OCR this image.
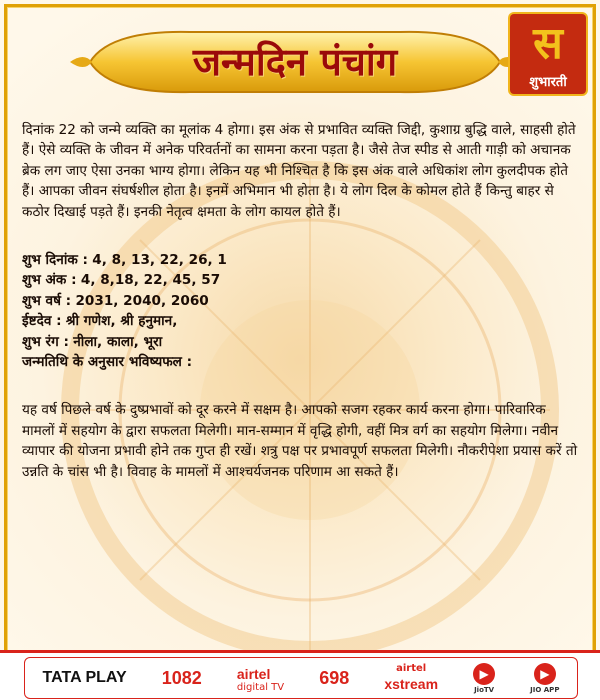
जन्मदिन पंचांग	स
शुभारती

दिनांक 22 को जन्मे व्यक्ति का मूलांक 4 होगा। इस अंक से प्रभावित व्यक्ति जिद्दी, कुशाग्र बुद्धि वाले, साहसी होते हैं। ऐसे व्यक्ति के जीवन में अनेक परिवर्तनों का सामना करना पड़ता है। जैसे तेज स्पीड से आती गाड़ी को अचानक ब्रेक लग जाए ऐसा उनका भाग्य होगा। लेकिन यह भी निश्चित है कि इस अंक वाले अधिकांश लोग कुलदीपक होते हैं। आपका जीवन संघर्षशील होता है। इनमें अभिमान भी होता है। ये लोग दिल के कोमल होते हैं किन्तु बाहर से कठोर दिखाई पड़ते हैं। इनकी नेतृत्व क्षमता के लोग कायल होते हैं।

शुभ दिनांक : 4, 8, 13, 22, 26, 1

शुभ अंक : 4, 8,18, 22, 45, 57

शुभ वर्ष : 2031, 2040, 2060

ईष्टदेव : श्री गणेश, श्री हनुमान,

शुभ रंग : नीला, काला, भूरा

जन्मतिथि के अनुसार भविष्यफल :

यह वर्ष पिछले वर्ष के दुष्प्रभावों को दूर करने में सक्षम है। आपको सजग रहकर कार्य करना होगा। पारिवारिक मामलों में सहयोग के द्वारा सफलता मिलेगी। मान-सम्मान में वृद्धि होगी, वहीं मित्र वर्ग का सहयोग मिलेगा। नवीन व्यापार की योजना प्रभावी होने तक गुप्त ही रखें। शत्रु पक्ष पर प्रभावपूर्ण सफलता मिलेगी। नौकरीपेशा प्रयास करें तो उन्नति के चांस भी है। विवाह के मामलों में आश्चर्यजनक परिणाम आ सकते हैं।

TATA PLAY 1082	airtel
digital TV 698	airtel
xstream
▶
JioTV
▶
JIO APP
